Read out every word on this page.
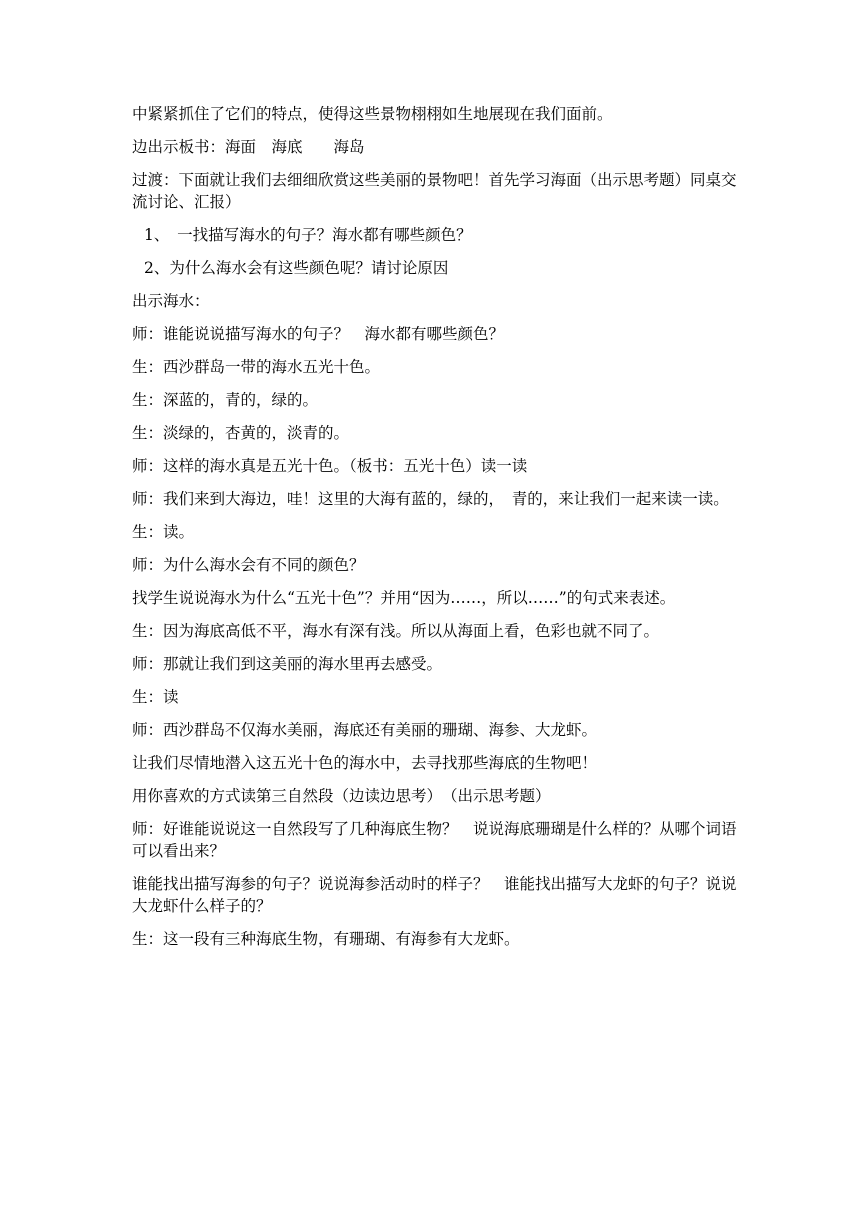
中紧紧抓住了它们的特点，使得这些景物栩栩如生地展现在我们面前。
边出示板书：海面　海底　　海岛
过渡：下面就让我们去细细欣赏这些美丽的景物吧！首先学习海面（出示思考题）同桌交流讨论、汇报）
1、　一找描写海水的句子？海水都有哪些颜色？
2、为什么海水会有这些颜色呢？请讨论原因
出示海水：
师：谁能说说描写海水的句子？　海水都有哪些颜色？
生：西沙群岛一带的海水五光十色。
生：深蓝的，青的，绿的。
生：淡绿的，杏黄的，淡青的。
师：这样的海水真是五光十色。（板书：五光十色）读一读
师：我们来到大海边，哇！这里的大海有蓝的，绿的，　青的，来让我们一起来读一读。
生：读。
师：为什么海水会有不同的颜色？
找学生说说海水为什么“五光十色”？并用“因为……，所以……”的句式来表述。
生：因为海底高低不平，海水有深有浅。所以从海面上看，色彩也就不同了。
师：那就让我们到这美丽的海水里再去感受。
生：读
师：西沙群岛不仅海水美丽，海底还有美丽的珊瑚、海参、大龙虾。
让我们尽情地潜入这五光十色的海水中，去寻找那些海底的生物吧！
用你喜欢的方式读第三自然段（边读边思考）　（出示思考题）
师：好谁能说说这一自然段写了几种海底生物？　说说海底珊瑚是什么样的？从哪个词语可以看出来？
谁能找出描写海参的句子？说说海参活动时的样子？　谁能找出描写大龙虾的句子？说说大龙虾什么样子的？
生：这一段有三种海底生物，有珊瑚、有海参有大龙虾。
